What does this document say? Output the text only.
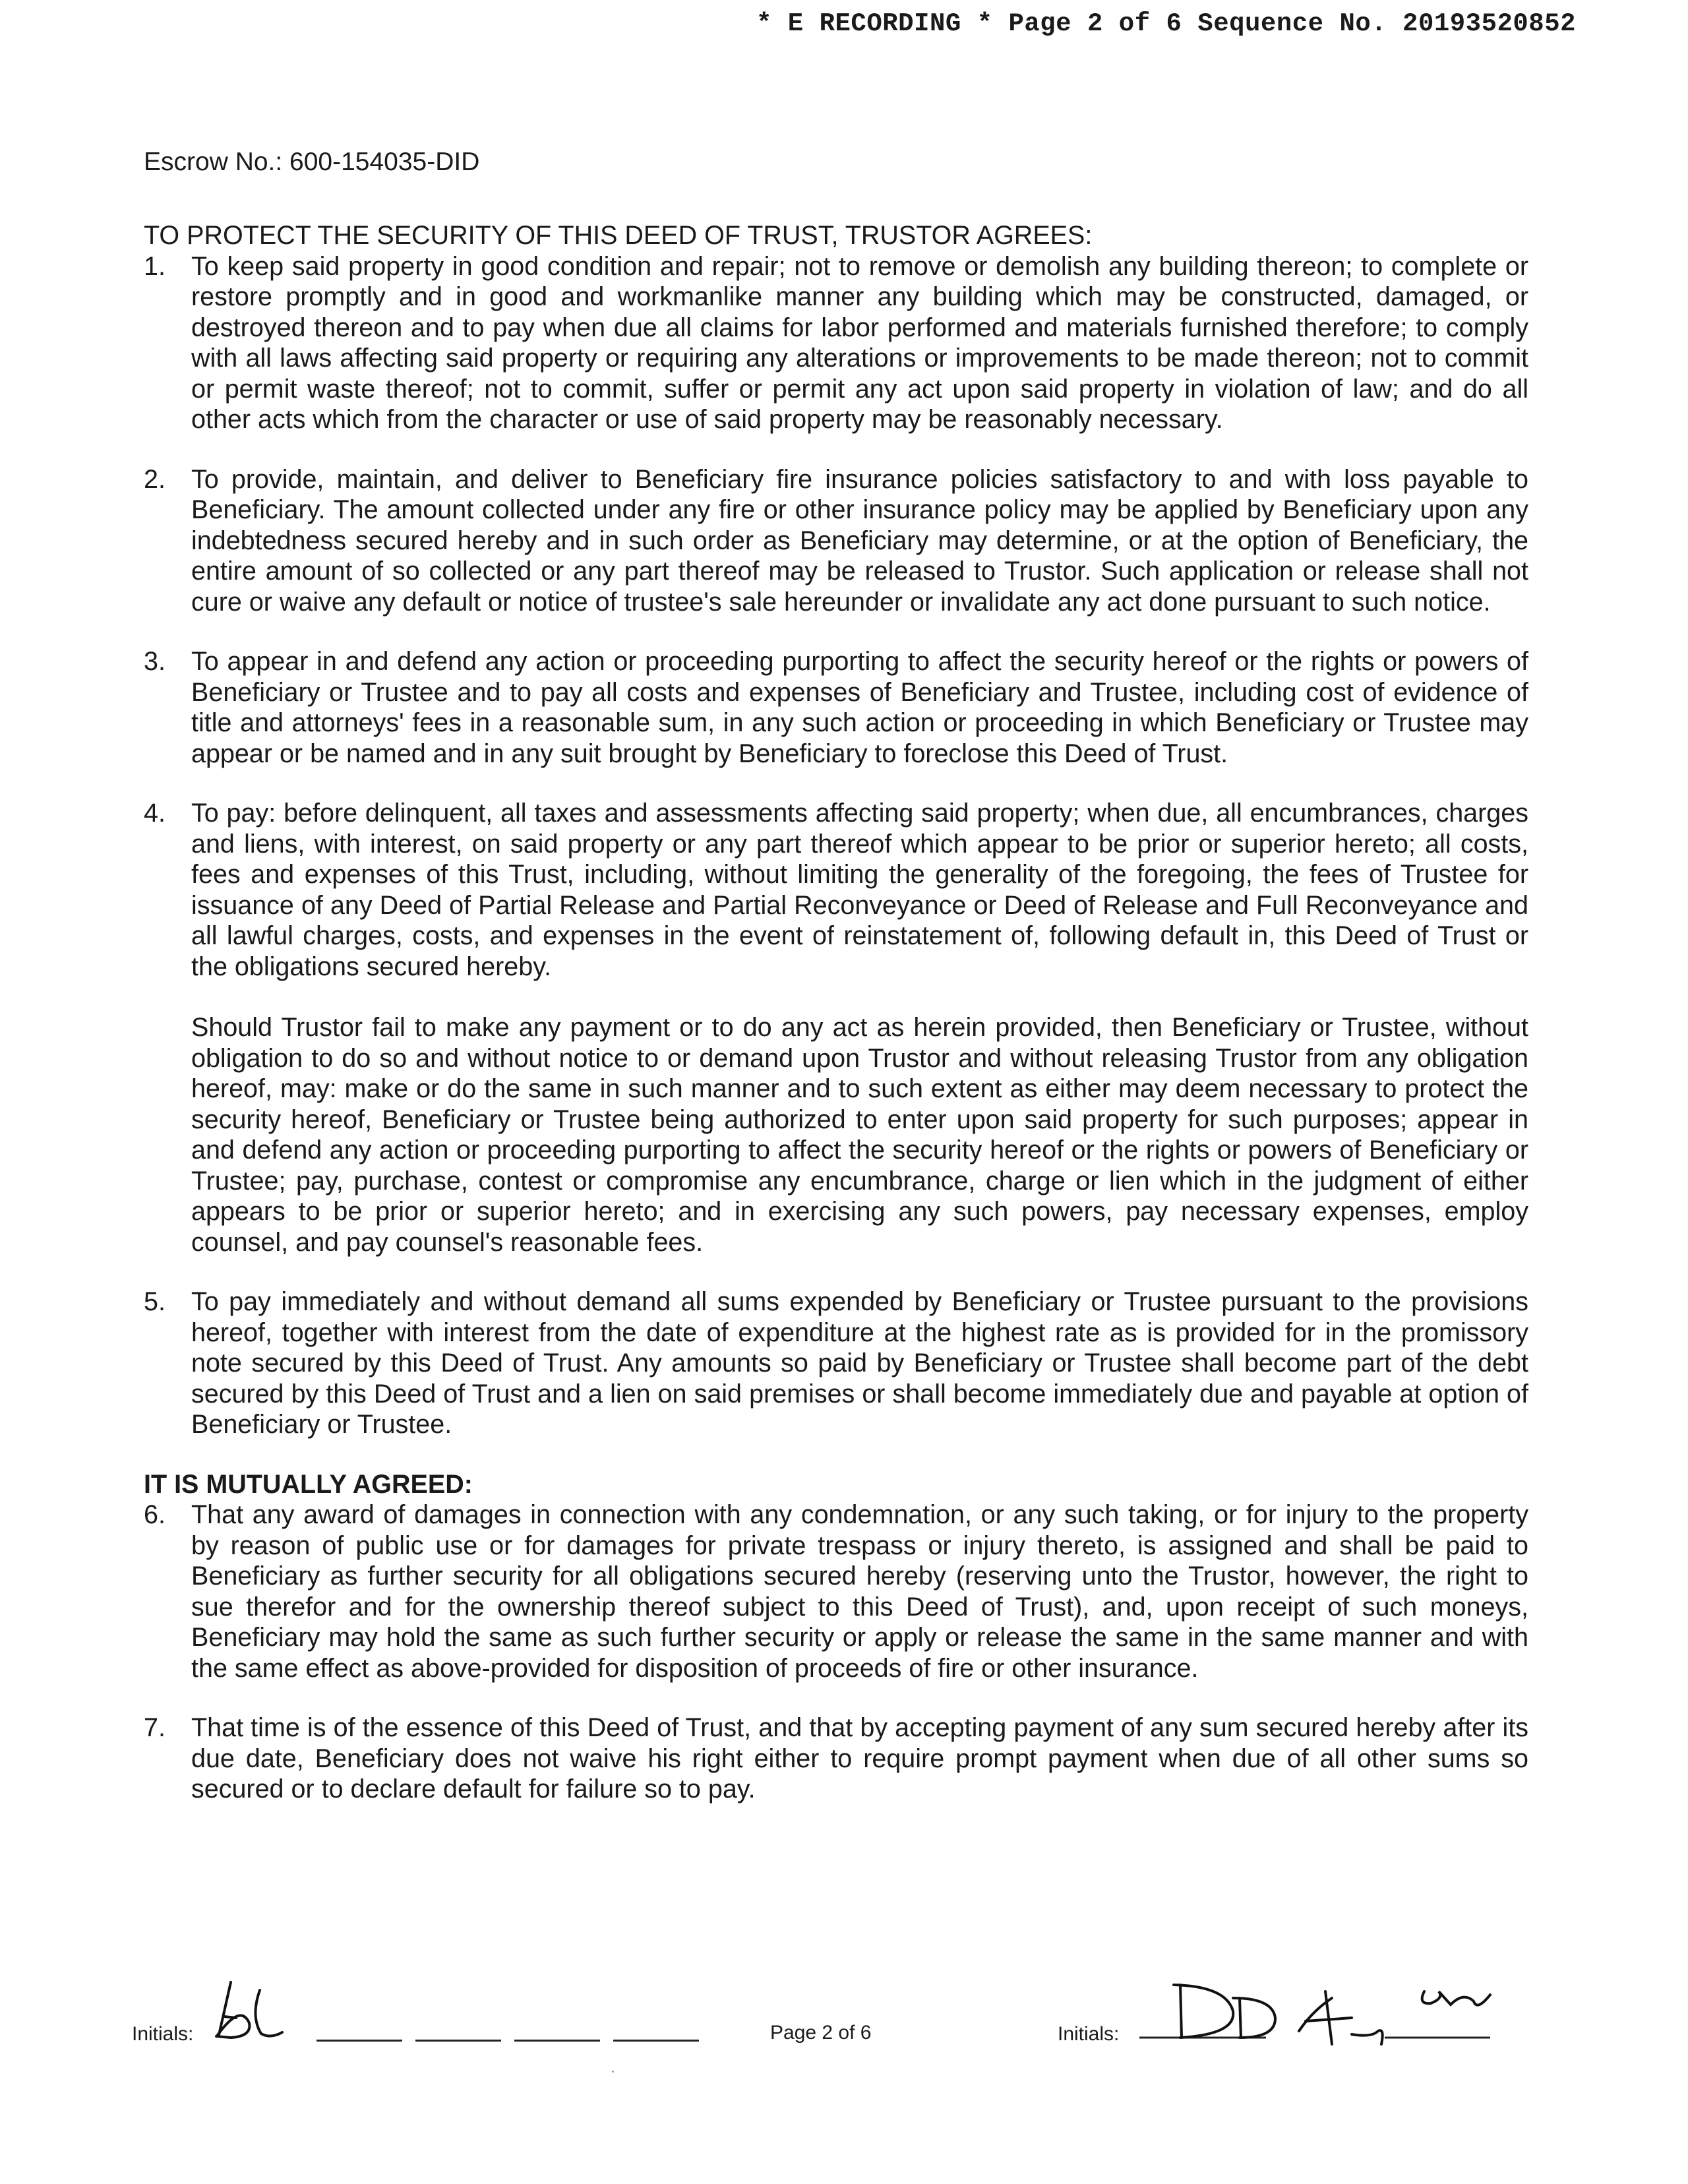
* E RECORDING * Page 2 of 6 Sequence No. 20193520852
Escrow No.: 600-154035-DID

TO PROTECT THE SECURITY OF THIS DEED OF TRUST, TRUSTOR AGREES:

1. To keep said property in good condition and repair; not to remove or demolish any building thereon; to complete or restore promptly and in good and workmanlike manner any building which may be constructed, damaged, or destroyed thereon and to pay when due all claims for labor performed and materials furnished therefore; to comply with all laws affecting said property or requiring any alterations or improvements to be made thereon; not to commit or permit waste thereof; not to commit, suffer or permit any act upon said property in violation of law; and do all other acts which from the character or use of said property may be reasonably necessary.

2. To provide, maintain, and deliver to Beneficiary fire insurance policies satisfactory to and with loss payable to Beneficiary. The amount collected under any fire or other insurance policy may be applied by Beneficiary upon any indebtedness secured hereby and in such order as Beneficiary may determine, or at the option of Beneficiary, the entire amount of so collected or any part thereof may be released to Trustor. Such application or release shall not cure or waive any default or notice of trustee's sale hereunder or invalidate any act done pursuant to such notice.

3. To appear in and defend any action or proceeding purporting to affect the security hereof or the rights or powers of Beneficiary or Trustee and to pay all costs and expenses of Beneficiary and Trustee, including cost of evidence of title and attorneys' fees in a reasonable sum, in any such action or proceeding in which Beneficiary or Trustee may appear or be named and in any suit brought by Beneficiary to foreclose this Deed of Trust.

4. To pay: before delinquent, all taxes and assessments affecting said property; when due, all encumbrances, charges and liens, with interest, on said property or any part thereof which appear to be prior or superior hereto; all costs, fees and expenses of this Trust, including, without limiting the generality of the foregoing, the fees of Trustee for issuance of any Deed of Partial Release and Partial Reconveyance or Deed of Release and Full Reconveyance and all lawful charges, costs, and expenses in the event of reinstatement of, following default in, this Deed of Trust or the obligations secured hereby.

Should Trustor fail to make any payment or to do any act as herein provided, then Beneficiary or Trustee, without obligation to do so and without notice to or demand upon Trustor and without releasing Trustor from any obligation hereof, may: make or do the same in such manner and to such extent as either may deem necessary to protect the security hereof, Beneficiary or Trustee being authorized to enter upon said property for such purposes; appear in and defend any action or proceeding purporting to affect the security hereof or the rights or powers of Beneficiary or Trustee; pay, purchase, contest or compromise any encumbrance, charge or lien which in the judgment of either appears to be prior or superior hereto; and in exercising any such powers, pay necessary expenses, employ counsel, and pay counsel's reasonable fees.

5. To pay immediately and without demand all sums expended by Beneficiary or Trustee pursuant to the provisions hereof, together with interest from the date of expenditure at the highest rate as is provided for in the promissory note secured by this Deed of Trust. Any amounts so paid by Beneficiary or Trustee shall become part of the debt secured by this Deed of Trust and a lien on said premises or shall become immediately due and payable at option of Beneficiary or Trustee.

IT IS MUTUALLY AGREED:

6. That any award of damages in connection with any condemnation, or any such taking, or for injury to the property by reason of public use or for damages for private trespass or injury thereto, is assigned and shall be paid to Beneficiary as further security for all obligations secured hereby (reserving unto the Trustor, however, the right to sue therefor and for the ownership thereof subject to this Deed of Trust), and, upon receipt of such moneys, Beneficiary may hold the same as such further security or apply or release the same in the same manner and with the same effect as above-provided for disposition of proceeds of fire or other insurance.

7. That time is of the essence of this Deed of Trust, and that by accepting payment of any sum secured hereby after its due date, Beneficiary does not waive his right either to require prompt payment when due of all other sums so secured or to declare default for failure so to pay.

Initials:	Page 2 of 6	Initials:
